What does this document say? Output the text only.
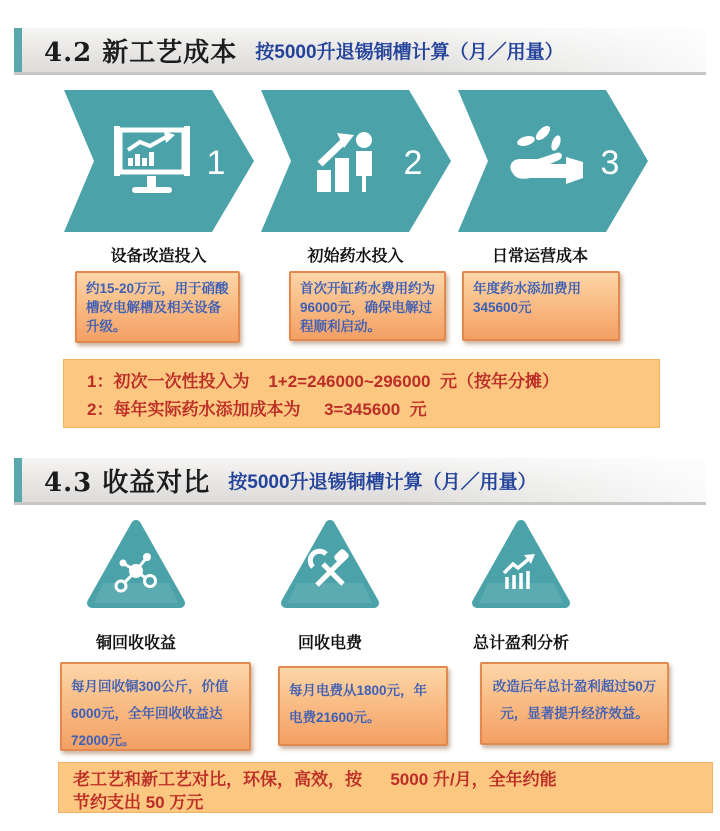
4.2 新工艺成本 按5000升退锡铜槽计算（月／用量）
1	2	3
设备改造投入	初始药水投入	日常运营成本
约15-20万元，用于硝酸槽改电解槽及相关设备升级。
首次开缸药水费用约为96000元，确保电解过程顺利启动。
年度药水添加费用345600元
1：初次一次性投入为    1+2=246000~296000  元（按年分摊）
2：每年实际药水添加成本为     3=345600  元
4.3 收益对比 按5000升退锡铜槽计算（月／用量）
铜回收收益	回收电费	总计盈利分析
每月回收铜300公斤，价值6000元，全年回收收益达72000元。
每月电费从1800元，年电费21600元。
改造后年总计盈利超过50万元，显著提升经济效益。
老工艺和新工艺对比，环保，高效，按      5000 升/月，全年约能
节约支出 50 万元
